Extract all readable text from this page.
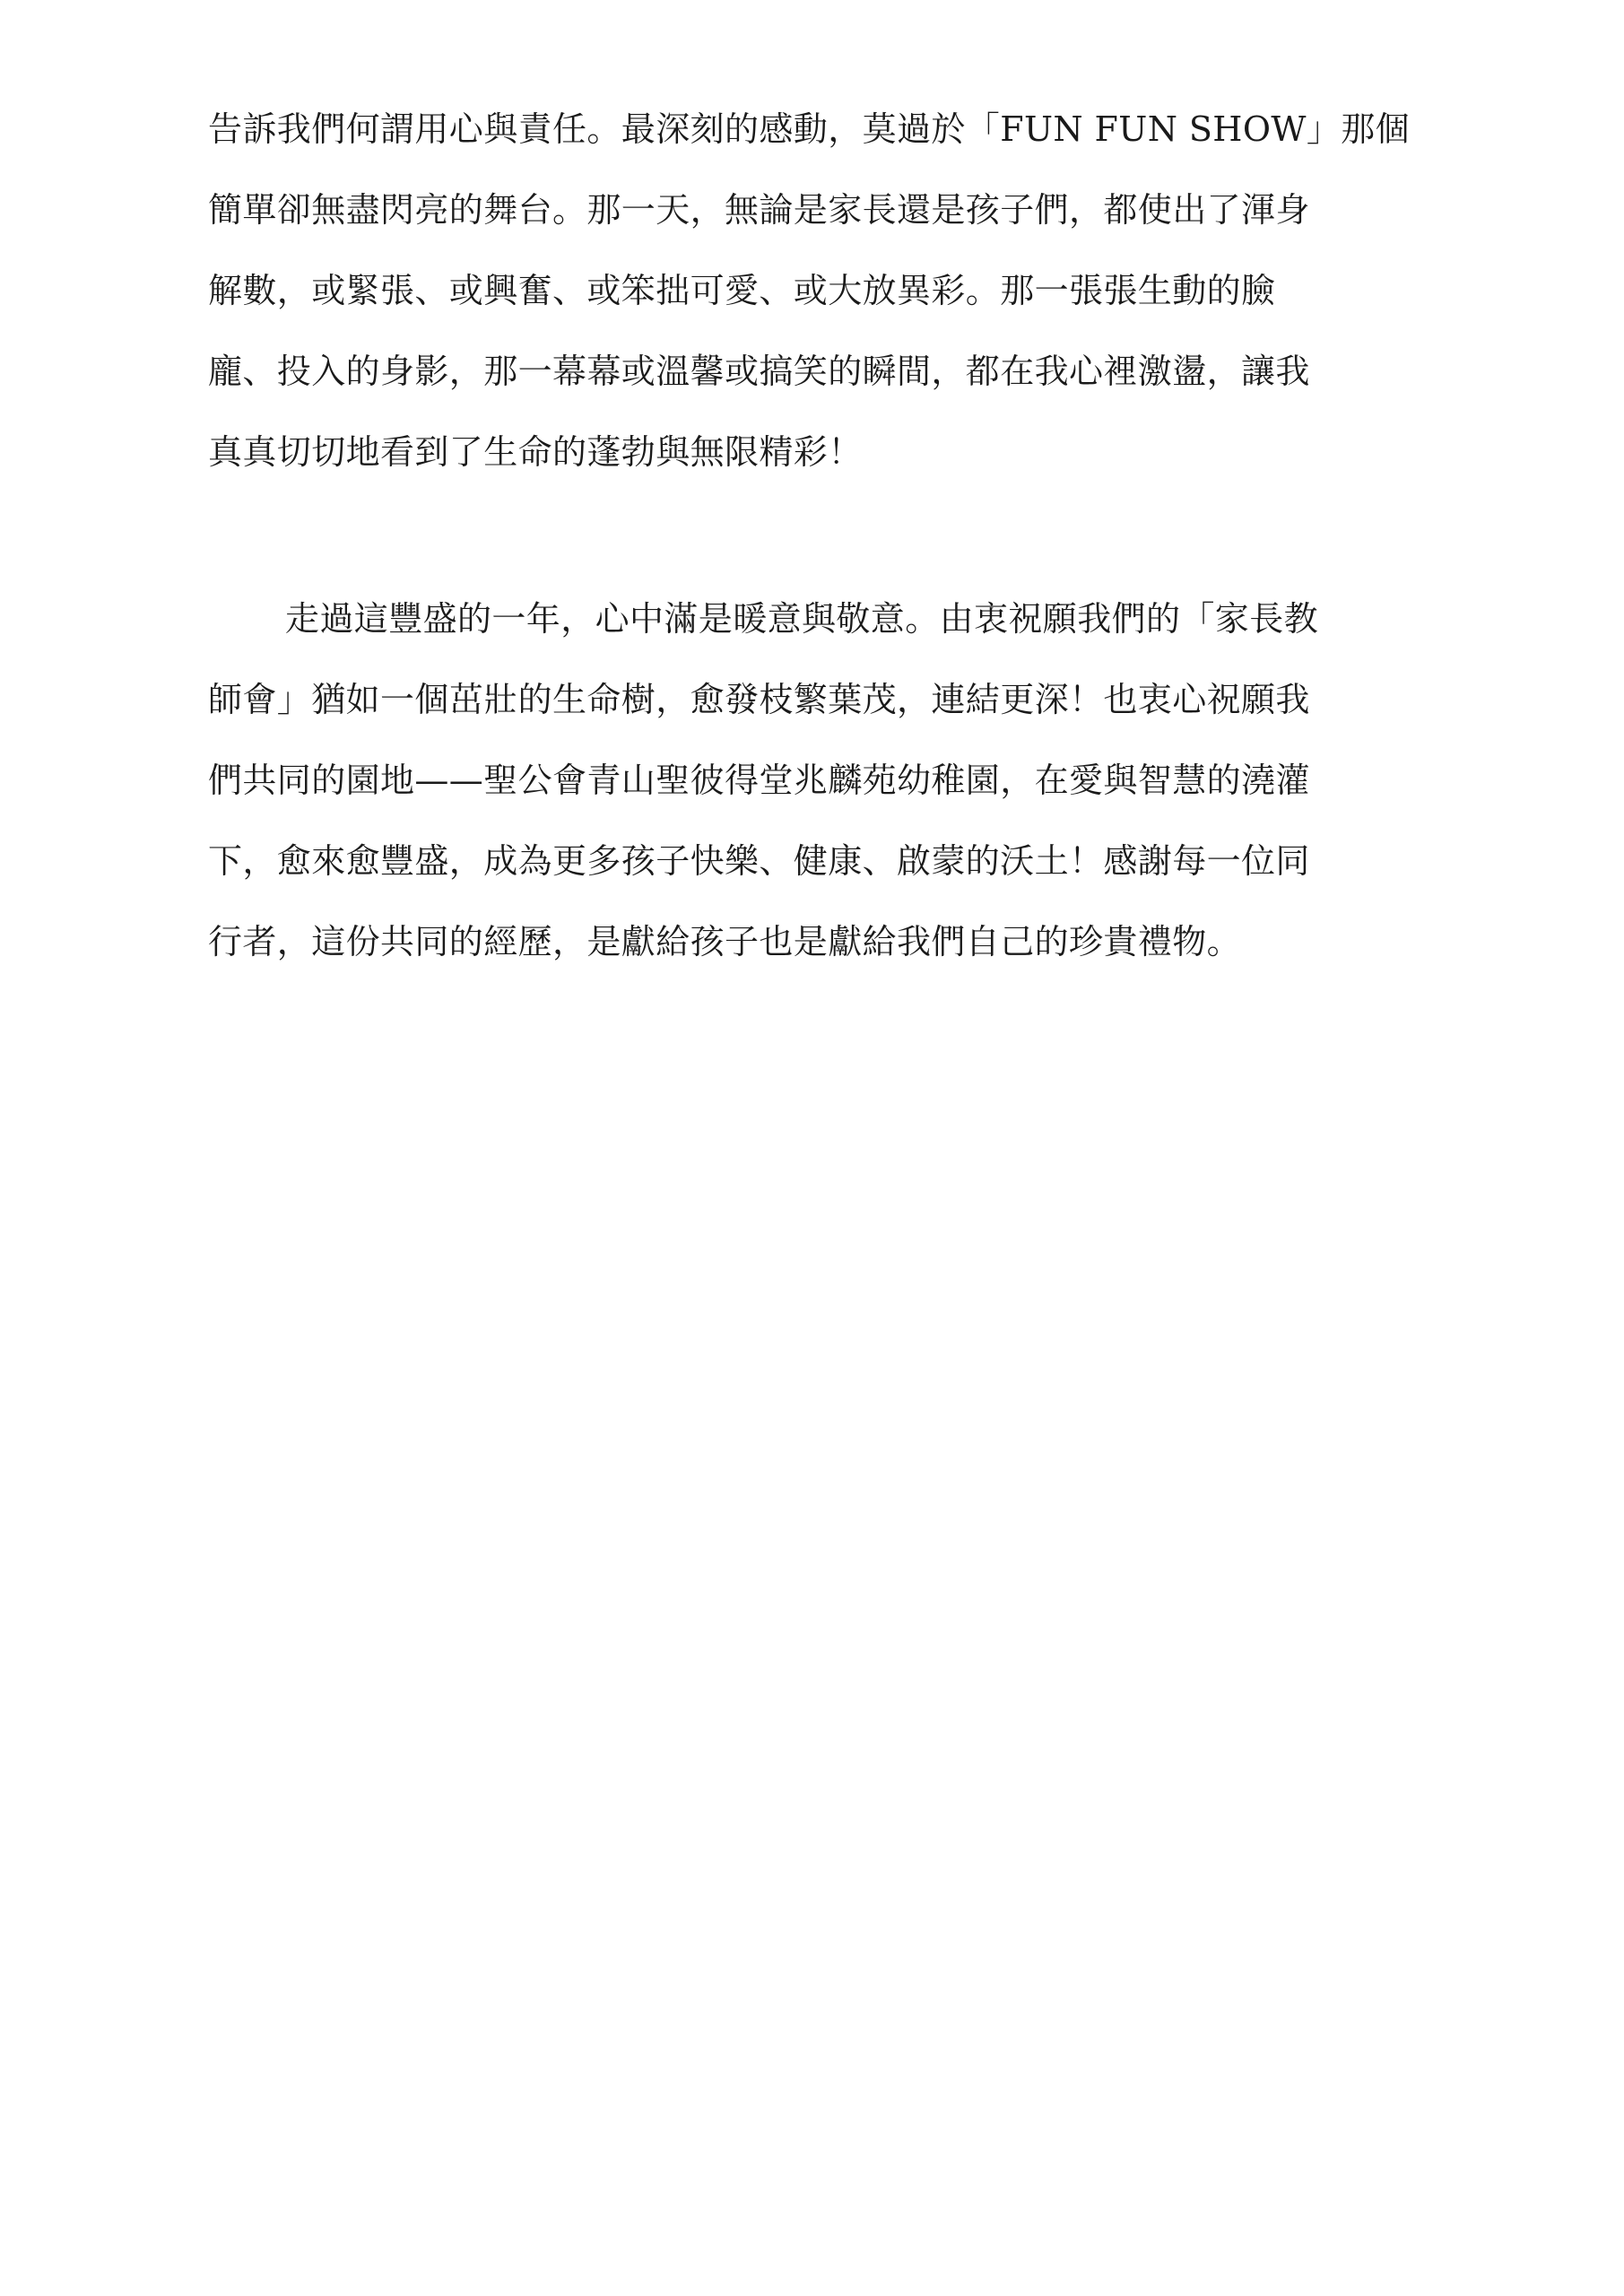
告訴我們何謂用心與責任。最深刻的感動，莫過於「FUN FUN SHOW」那個
簡單卻無盡閃亮的舞台。那一天，無論是家長還是孩子們，都使出了渾身
解數，或緊張、或興奮、或笨拙可愛、或大放異彩。那一張張生動的臉
龐、投入的身影，那一幕幕或溫馨或搞笑的瞬間，都在我心裡激盪，讓我
真真切切地看到了生命的蓬勃與無限精彩！
走過這豐盛的一年，心中滿是暖意與敬意。由衷祝願我們的「家長教
師會」猶如一個茁壯的生命樹，愈發枝繁葉茂，連結更深！也衷心祝願我
們共同的園地——聖公會青山聖彼得堂兆麟苑幼稚園，在愛與智慧的澆灌
下，愈來愈豐盛，成為更多孩子快樂、健康、啟蒙的沃土！感謝每一位同
行者，這份共同的經歷，是獻給孩子也是獻給我們自己的珍貴禮物。
